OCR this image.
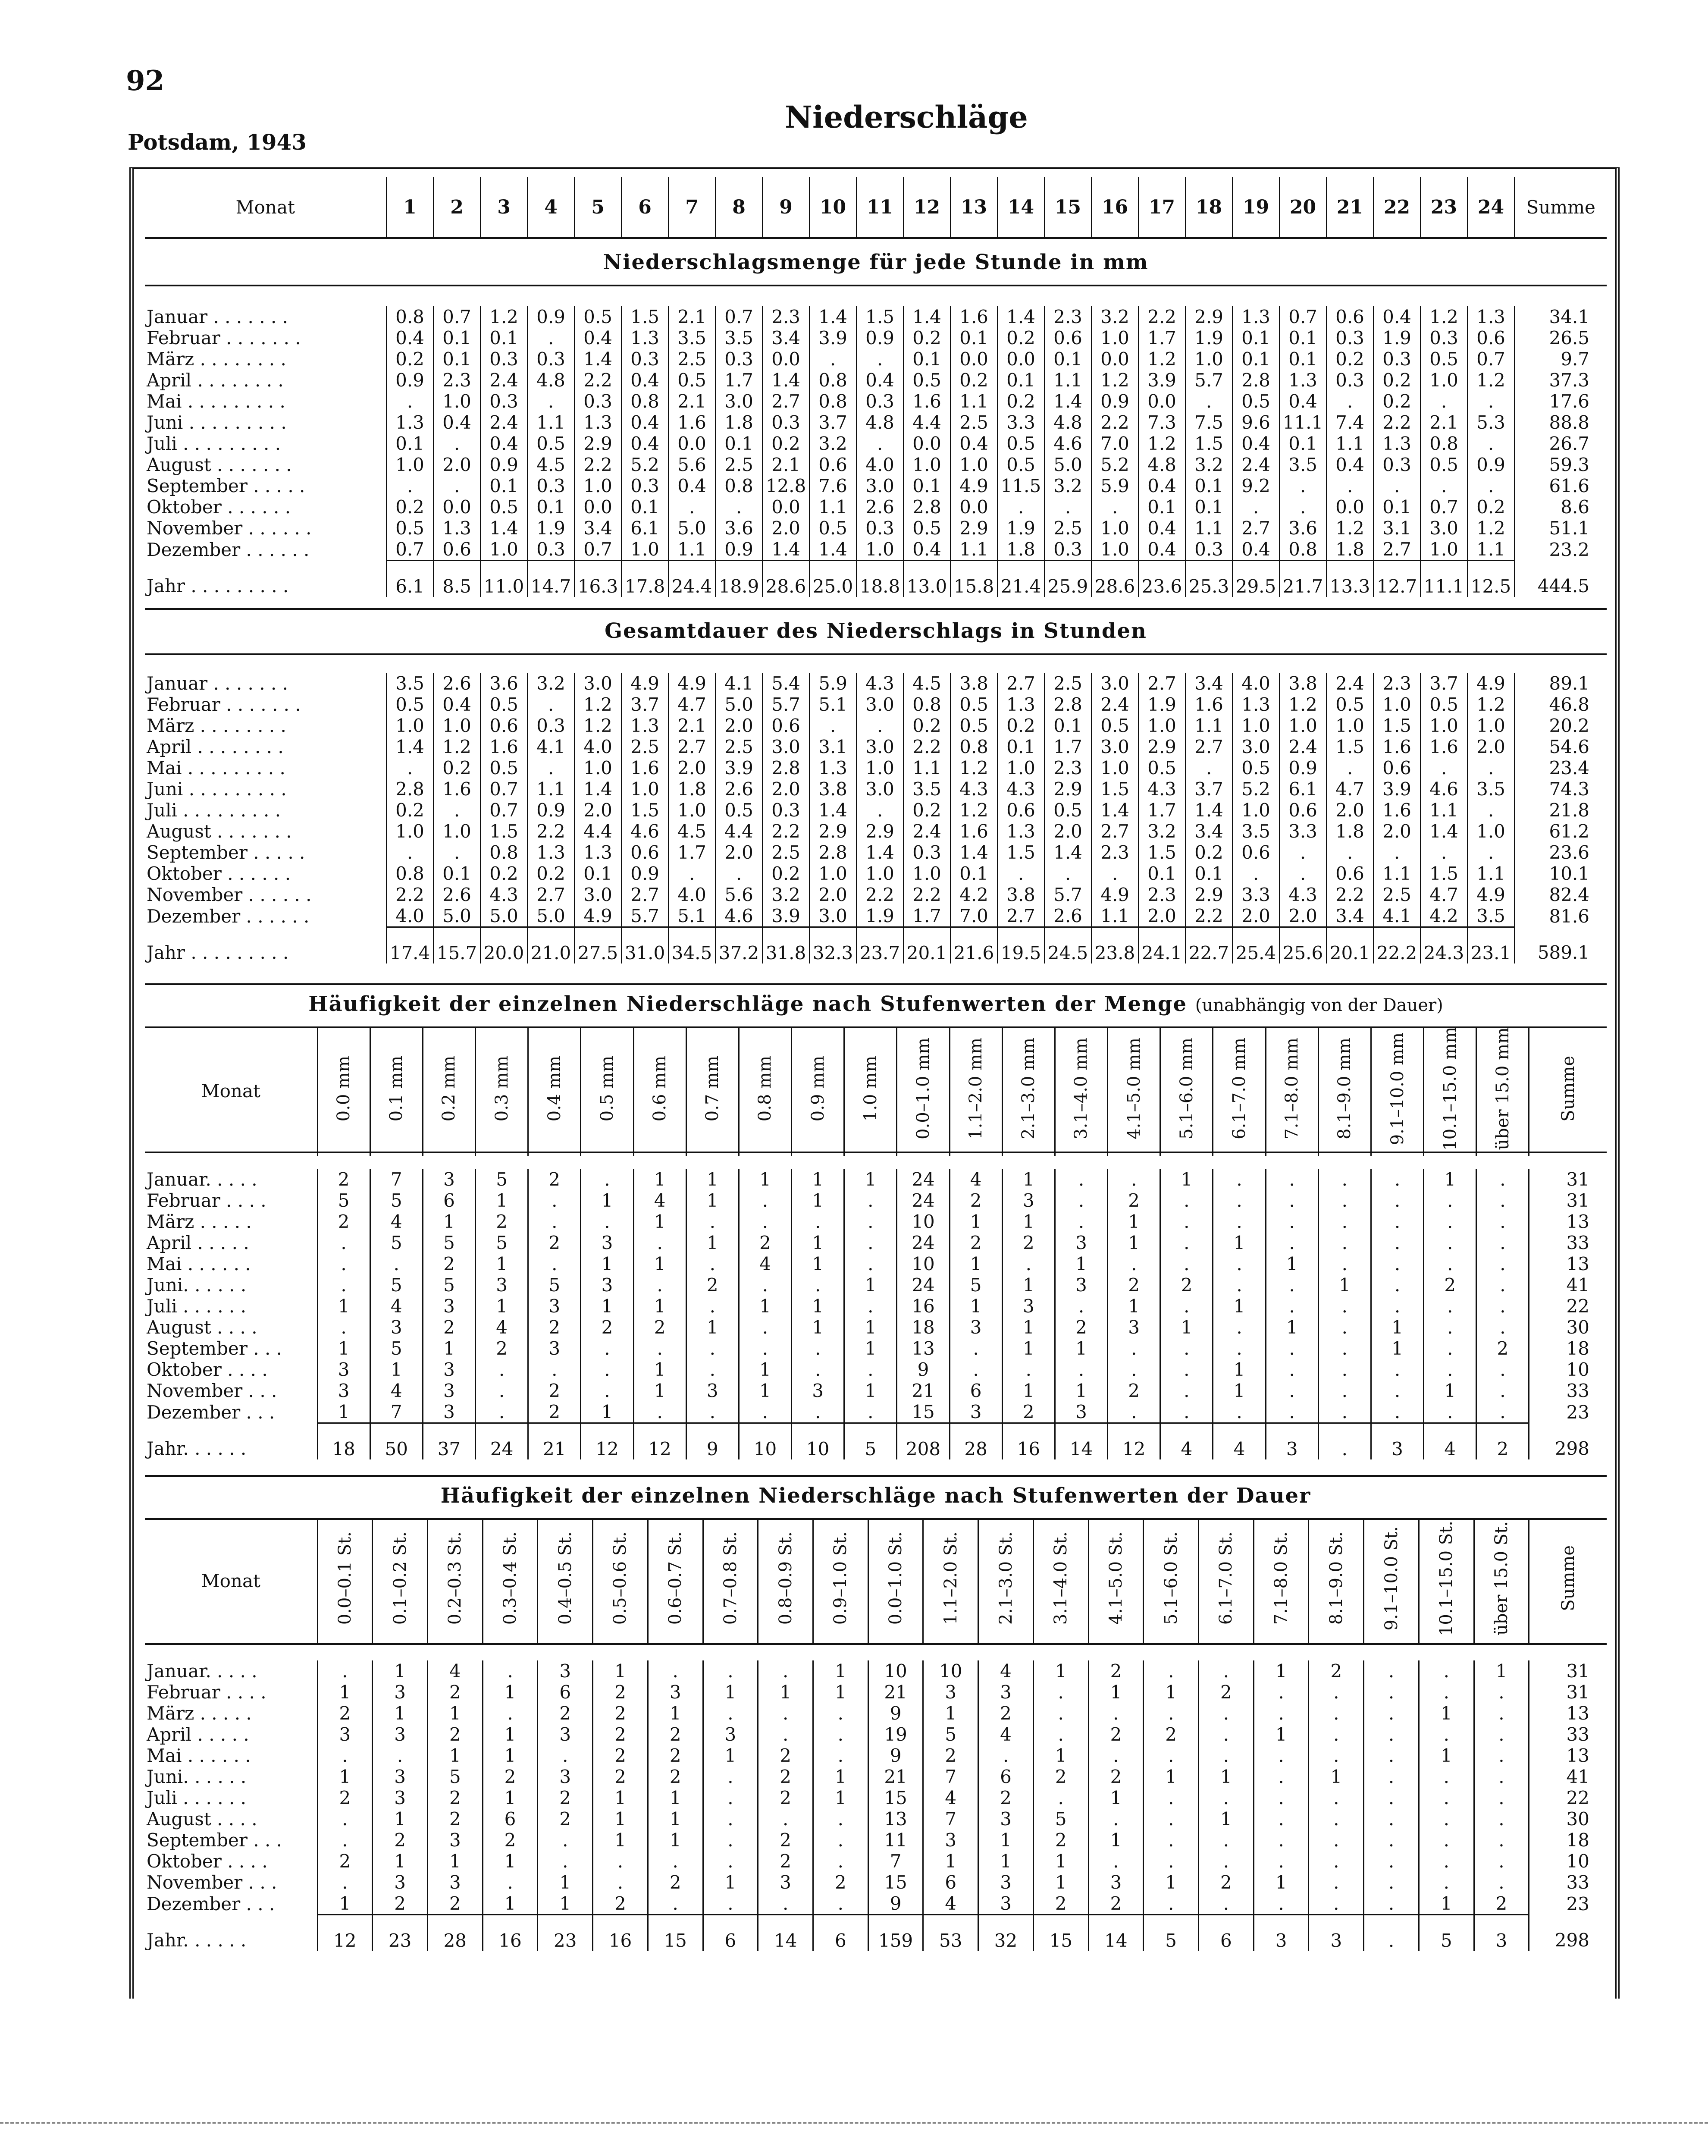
92
Potsdam, 1943
Niederschläge
Monat	1	2	3	4	5	6	7	8	9	10	11	12	13	14	15	16	17	18	19	20	21	22	23	24	Summe
Niederschlagsmenge für jede Stunde in mm
Januar . . . . . . .	0.8	0.7	1.2	0.9	0.5	1.5	2.1	0.7	2.3	1.4	1.5	1.4	1.6	1.4	2.3	3.2	2.2	2.9	1.3	0.7	0.6	0.4	1.2	1.3	34.1
Februar . . . . . . .	0.4	0.1	0.1	.	0.4	1.3	3.5	3.5	3.4	3.9	0.9	0.2	0.1	0.2	0.6	1.0	1.7	1.9	0.1	0.1	0.3	1.9	0.3	0.6	26.5
März . . . . . . . .	0.2	0.1	0.3	0.3	1.4	0.3	2.5	0.3	0.0	.	.	0.1	0.0	0.0	0.1	0.0	1.2	1.0	0.1	0.1	0.2	0.3	0.5	0.7	9.7
April . . . . . . . .	0.9	2.3	2.4	4.8	2.2	0.4	0.5	1.7	1.4	0.8	0.4	0.5	0.2	0.1	1.1	1.2	3.9	5.7	2.8	1.3	0.3	0.2	1.0	1.2	37.3
Mai . . . . . . . . .	.	1.0	0.3	.	0.3	0.8	2.1	3.0	2.7	0.8	0.3	1.6	1.1	0.2	1.4	0.9	0.0	.	0.5	0.4	.	0.2	.	.	17.6
Juni . . . . . . . . .	1.3	0.4	2.4	1.1	1.3	0.4	1.6	1.8	0.3	3.7	4.8	4.4	2.5	3.3	4.8	2.2	7.3	7.5	9.6	11.1	7.4	2.2	2.1	5.3	88.8
Juli . . . . . . . . .	0.1	.	0.4	0.5	2.9	0.4	0.0	0.1	0.2	3.2	.	0.0	0.4	0.5	4.6	7.0	1.2	1.5	0.4	0.1	1.1	1.3	0.8	.	26.7
August . . . . . . .	1.0	2.0	0.9	4.5	2.2	5.2	5.6	2.5	2.1	0.6	4.0	1.0	1.0	0.5	5.0	5.2	4.8	3.2	2.4	3.5	0.4	0.3	0.5	0.9	59.3
September . . . . .	.	.	0.1	0.3	1.0	0.3	0.4	0.8	12.8	7.6	3.0	0.1	4.9	11.5	3.2	5.9	0.4	0.1	9.2	.	.	.	.	.	61.6
Oktober . . . . . .	0.2	0.0	0.5	0.1	0.0	0.1	.	.	0.0	1.1	2.6	2.8	0.0	.	.	.	0.1	0.1	.	.	0.0	0.1	0.7	0.2	8.6
November . . . . . .	0.5	1.3	1.4	1.9	3.4	6.1	5.0	3.6	2.0	0.5	0.3	0.5	2.9	1.9	2.5	1.0	0.4	1.1	2.7	3.6	1.2	3.1	3.0	1.2	51.1
Dezember . . . . . .	0.7	0.6	1.0	0.3	0.7	1.0	1.1	0.9	1.4	1.4	1.0	0.4	1.1	1.8	0.3	1.0	0.4	0.3	0.4	0.8	1.8	2.7	1.0	1.1	23.2
Jahr . . . . . . . . .	6.1	8.5	11.0	14.7	16.3	17.8	24.4	18.9	28.6	25.0	18.8	13.0	15.8	21.4	25.9	28.6	23.6	25.3	29.5	21.7	13.3	12.7	11.1	12.5	444.5
Gesamtdauer des Niederschlags in Stunden
Januar . . . . . . .	3.5	2.6	3.6	3.2	3.0	4.9	4.9	4.1	5.4	5.9	4.3	4.5	3.8	2.7	2.5	3.0	2.7	3.4	4.0	3.8	2.4	2.3	3.7	4.9	89.1
Februar . . . . . . .	0.5	0.4	0.5	.	1.2	3.7	4.7	5.0	5.7	5.1	3.0	0.8	0.5	1.3	2.8	2.4	1.9	1.6	1.3	1.2	0.5	1.0	0.5	1.2	46.8
März . . . . . . . .	1.0	1.0	0.6	0.3	1.2	1.3	2.1	2.0	0.6	.	.	0.2	0.5	0.2	0.1	0.5	1.0	1.1	1.0	1.0	1.0	1.5	1.0	1.0	20.2
April . . . . . . . .	1.4	1.2	1.6	4.1	4.0	2.5	2.7	2.5	3.0	3.1	3.0	2.2	0.8	0.1	1.7	3.0	2.9	2.7	3.0	2.4	1.5	1.6	1.6	2.0	54.6
Mai . . . . . . . . .	.	0.2	0.5	.	1.0	1.6	2.0	3.9	2.8	1.3	1.0	1.1	1.2	1.0	2.3	1.0	0.5	.	0.5	0.9	.	0.6	.	.	23.4
Juni . . . . . . . . .	2.8	1.6	0.7	1.1	1.4	1.0	1.8	2.6	2.0	3.8	3.0	3.5	4.3	4.3	2.9	1.5	4.3	3.7	5.2	6.1	4.7	3.9	4.6	3.5	74.3
Juli . . . . . . . . .	0.2	.	0.7	0.9	2.0	1.5	1.0	0.5	0.3	1.4	.	0.2	1.2	0.6	0.5	1.4	1.7	1.4	1.0	0.6	2.0	1.6	1.1	.	21.8
August . . . . . . .	1.0	1.0	1.5	2.2	4.4	4.6	4.5	4.4	2.2	2.9	2.9	2.4	1.6	1.3	2.0	2.7	3.2	3.4	3.5	3.3	1.8	2.0	1.4	1.0	61.2
September . . . . .	.	.	0.8	1.3	1.3	0.6	1.7	2.0	2.5	2.8	1.4	0.3	1.4	1.5	1.4	2.3	1.5	0.2	0.6	.	.	.	.	.	23.6
Oktober . . . . . .	0.8	0.1	0.2	0.2	0.1	0.9	.	.	0.2	1.0	1.0	1.0	0.1	.	.	.	0.1	0.1	.	.	0.6	1.1	1.5	1.1	10.1
November . . . . . .	2.2	2.6	4.3	2.7	3.0	2.7	4.0	5.6	3.2	2.0	2.2	2.2	4.2	3.8	5.7	4.9	2.3	2.9	3.3	4.3	2.2	2.5	4.7	4.9	82.4
Dezember . . . . . .	4.0	5.0	5.0	5.0	4.9	5.7	5.1	4.6	3.9	3.0	1.9	1.7	7.0	2.7	2.6	1.1	2.0	2.2	2.0	2.0	3.4	4.1	4.2	3.5	81.6
Jahr . . . . . . . . .	17.4	15.7	20.0	21.0	27.5	31.0	34.5	37.2	31.8	32.3	23.7	20.1	21.6	19.5	24.5	23.8	24.1	22.7	25.4	25.6	20.1	22.2	24.3	23.1	589.1
Häufigkeit der einzelnen Niederschläge nach Stufenwerten der Menge (unabhängig von der Dauer)
Monat	0.0 mm	0.1 mm	0.2 mm	0.3 mm	0.4 mm	0.5 mm	0.6 mm	0.7 mm	0.8 mm	0.9 mm	1.0 mm	0.0–1.0 mm	1.1–2.0 mm	2.1–3.0 mm	3.1–4.0 mm	4.1–5.0 mm	5.1–6.0 mm	6.1–7.0 mm	7.1–8.0 mm	8.1–9.0 mm	9.1–10.0 mm	10.1–15.0 mm	über 15.0 mm	Summe
Januar. . . . .	2	7	3	5	2	.	1	1	1	1	1	24	4	1	.	.	1	.	.	.	.	1	.	31
Februar . . . .	5	5	6	1	.	1	4	1	.	1	.	24	2	3	.	2	.	.	.	.	.	.	.	31
März . . . . .	2	4	1	2	.	.	1	.	.	.	.	10	1	1	.	1	.	.	.	.	.	.	.	13
April . . . . .	.	5	5	5	2	3	.	1	2	1	.	24	2	2	3	1	.	1	.	.	.	.	.	33
Mai . . . . . .	.	.	2	1	.	1	1	.	4	1	.	10	1	.	1	.	.	.	1	.	.	.	.	13
Juni. . . . . .	.	5	5	3	5	3	.	2	.	.	1	24	5	1	3	2	2	.	.	1	.	2	.	41
Juli . . . . . .	1	4	3	1	3	1	1	.	1	1	.	16	1	3	.	1	.	1	.	.	.	.	.	22
August . . . .	.	3	2	4	2	2	2	1	.	1	1	18	3	1	2	3	1	.	1	.	1	.	.	30
September . . .	1	5	1	2	3	.	.	.	.	.	1	13	.	1	1	.	.	.	.	.	1	.	2	18
Oktober . . . .	3	1	3	.	.	.	1	.	1	.	.	9	.	.	.	.	.	1	.	.	.	.	.	10
November . . .	3	4	3	.	2	.	1	3	1	3	1	21	6	1	1	2	.	1	.	.	.	1	.	33
Dezember . . .	1	7	3	.	2	1	.	.	.	.	.	15	3	2	3	.	.	.	.	.	.	.	.	23
Jahr. . . . . .	18	50	37	24	21	12	12	9	10	10	5	208	28	16	14	12	4	4	3	.	3	4	2	298
Häufigkeit der einzelnen Niederschläge nach Stufenwerten der Dauer
Monat	0.0–0.1 St.	0.1–0.2 St.	0.2–0.3 St.	0.3–0.4 St.	0.4–0.5 St.	0.5–0.6 St.	0.6–0.7 St.	0.7–0.8 St.	0.8–0.9 St.	0.9–1.0 St.	0.0–1.0 St.	1.1–2.0 St.	2.1–3.0 St.	3.1–4.0 St.	4.1–5.0 St.	5.1–6.0 St.	6.1–7.0 St.	7.1–8.0 St.	8.1–9.0 St.	9.1–10.0 St.	10.1–15.0 St.	über 15.0 St.	Summe
Januar. . . . .	.	1	4	.	3	1	.	.	.	1	10	10	4	1	2	.	.	1	2	.	.	1	31
Februar . . . .	1	3	2	1	6	2	3	1	1	1	21	3	3	.	1	1	2	.	.	.	.	.	31
März . . . . .	2	1	1	.	2	2	1	.	.	.	9	1	2	.	.	.	.	.	.	.	1	.	13
April . . . . .	3	3	2	1	3	2	2	3	.	.	19	5	4	.	2	2	.	1	.	.	.	.	33
Mai . . . . . .	.	.	1	1	.	2	2	1	2	.	9	2	.	1	.	.	.	.	.	.	1	.	13
Juni. . . . . .	1	3	5	2	3	2	2	.	2	1	21	7	6	2	2	1	1	.	1	.	.	.	41
Juli . . . . . .	2	3	2	1	2	1	1	.	2	1	15	4	2	.	1	.	.	.	.	.	.	.	22
August . . . .	.	1	2	6	2	1	1	.	.	.	13	7	3	5	.	.	1	.	.	.	.	.	30
September . . .	.	2	3	2	.	1	1	.	2	.	11	3	1	2	1	.	.	.	.	.	.	.	18
Oktober . . . .	2	1	1	1	.	.	.	.	2	.	7	1	1	1	.	.	.	.	.	.	.	.	10
November . . .	.	3	3	.	1	.	2	1	3	2	15	6	3	1	3	1	2	1	.	.	.	.	33
Dezember . . .	1	2	2	1	1	2	.	.	.	.	9	4	3	2	2	.	.	.	.	.	1	2	23
Jahr. . . . . .	12	23	28	16	23	16	15	6	14	6	159	53	32	15	14	5	6	3	3	.	5	3	298
